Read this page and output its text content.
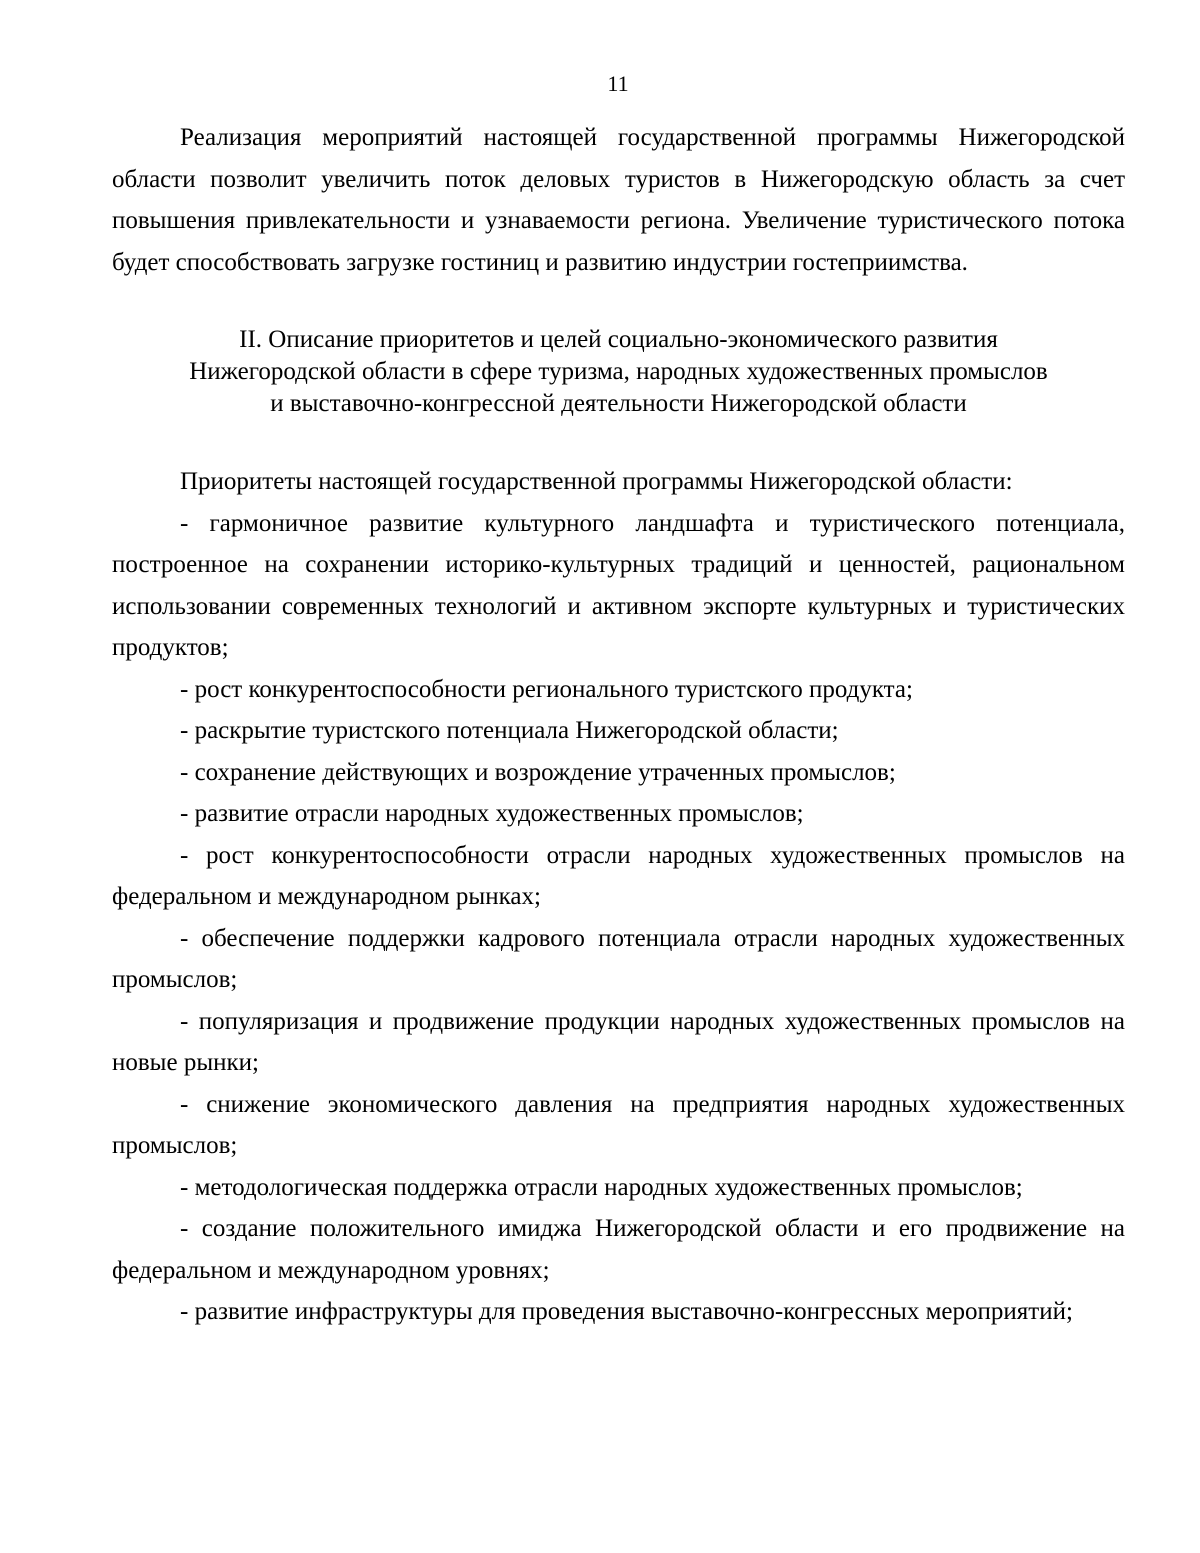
11

Реализация мероприятий настоящей государственной программы Нижегородской области позволит увеличить поток деловых туристов в Нижегородскую область за счет повышения привлекательности и узнаваемости региона. Увеличение туристического потока будет способствовать загрузке гостиниц и развитию индустрии гостеприимства.

II. Описание приоритетов и целей социально-экономического развития
Нижегородской области в сфере туризма, народных художественных промыслов
и выставочно-конгрессной деятельности Нижегородской области

Приоритеты настоящей государственной программы Нижегородской области:

- гармоничное развитие культурного ландшафта и туристического потенциала, построенное на сохранении историко-культурных традиций и ценностей, рациональном использовании современных технологий и активном экспорте культурных и туристических продуктов;

- рост конкурентоспособности регионального туристского продукта;

- раскрытие туристского потенциала Нижегородской области;

- сохранение действующих и возрождение утраченных промыслов;

- развитие отрасли народных художественных промыслов;

- рост конкурентоспособности отрасли народных художественных промыслов на федеральном и международном рынках;

- обеспечение поддержки кадрового потенциала отрасли народных художественных промыслов;

- популяризация и продвижение продукции народных художественных промыслов на новые рынки;

- снижение экономического давления на предприятия народных художественных промыслов;

- методологическая поддержка отрасли народных художественных промыслов;

- создание положительного имиджа Нижегородской области и его продвижение на федеральном и международном уровнях;

- развитие инфраструктуры для проведения выставочно-конгрессных мероприятий;
